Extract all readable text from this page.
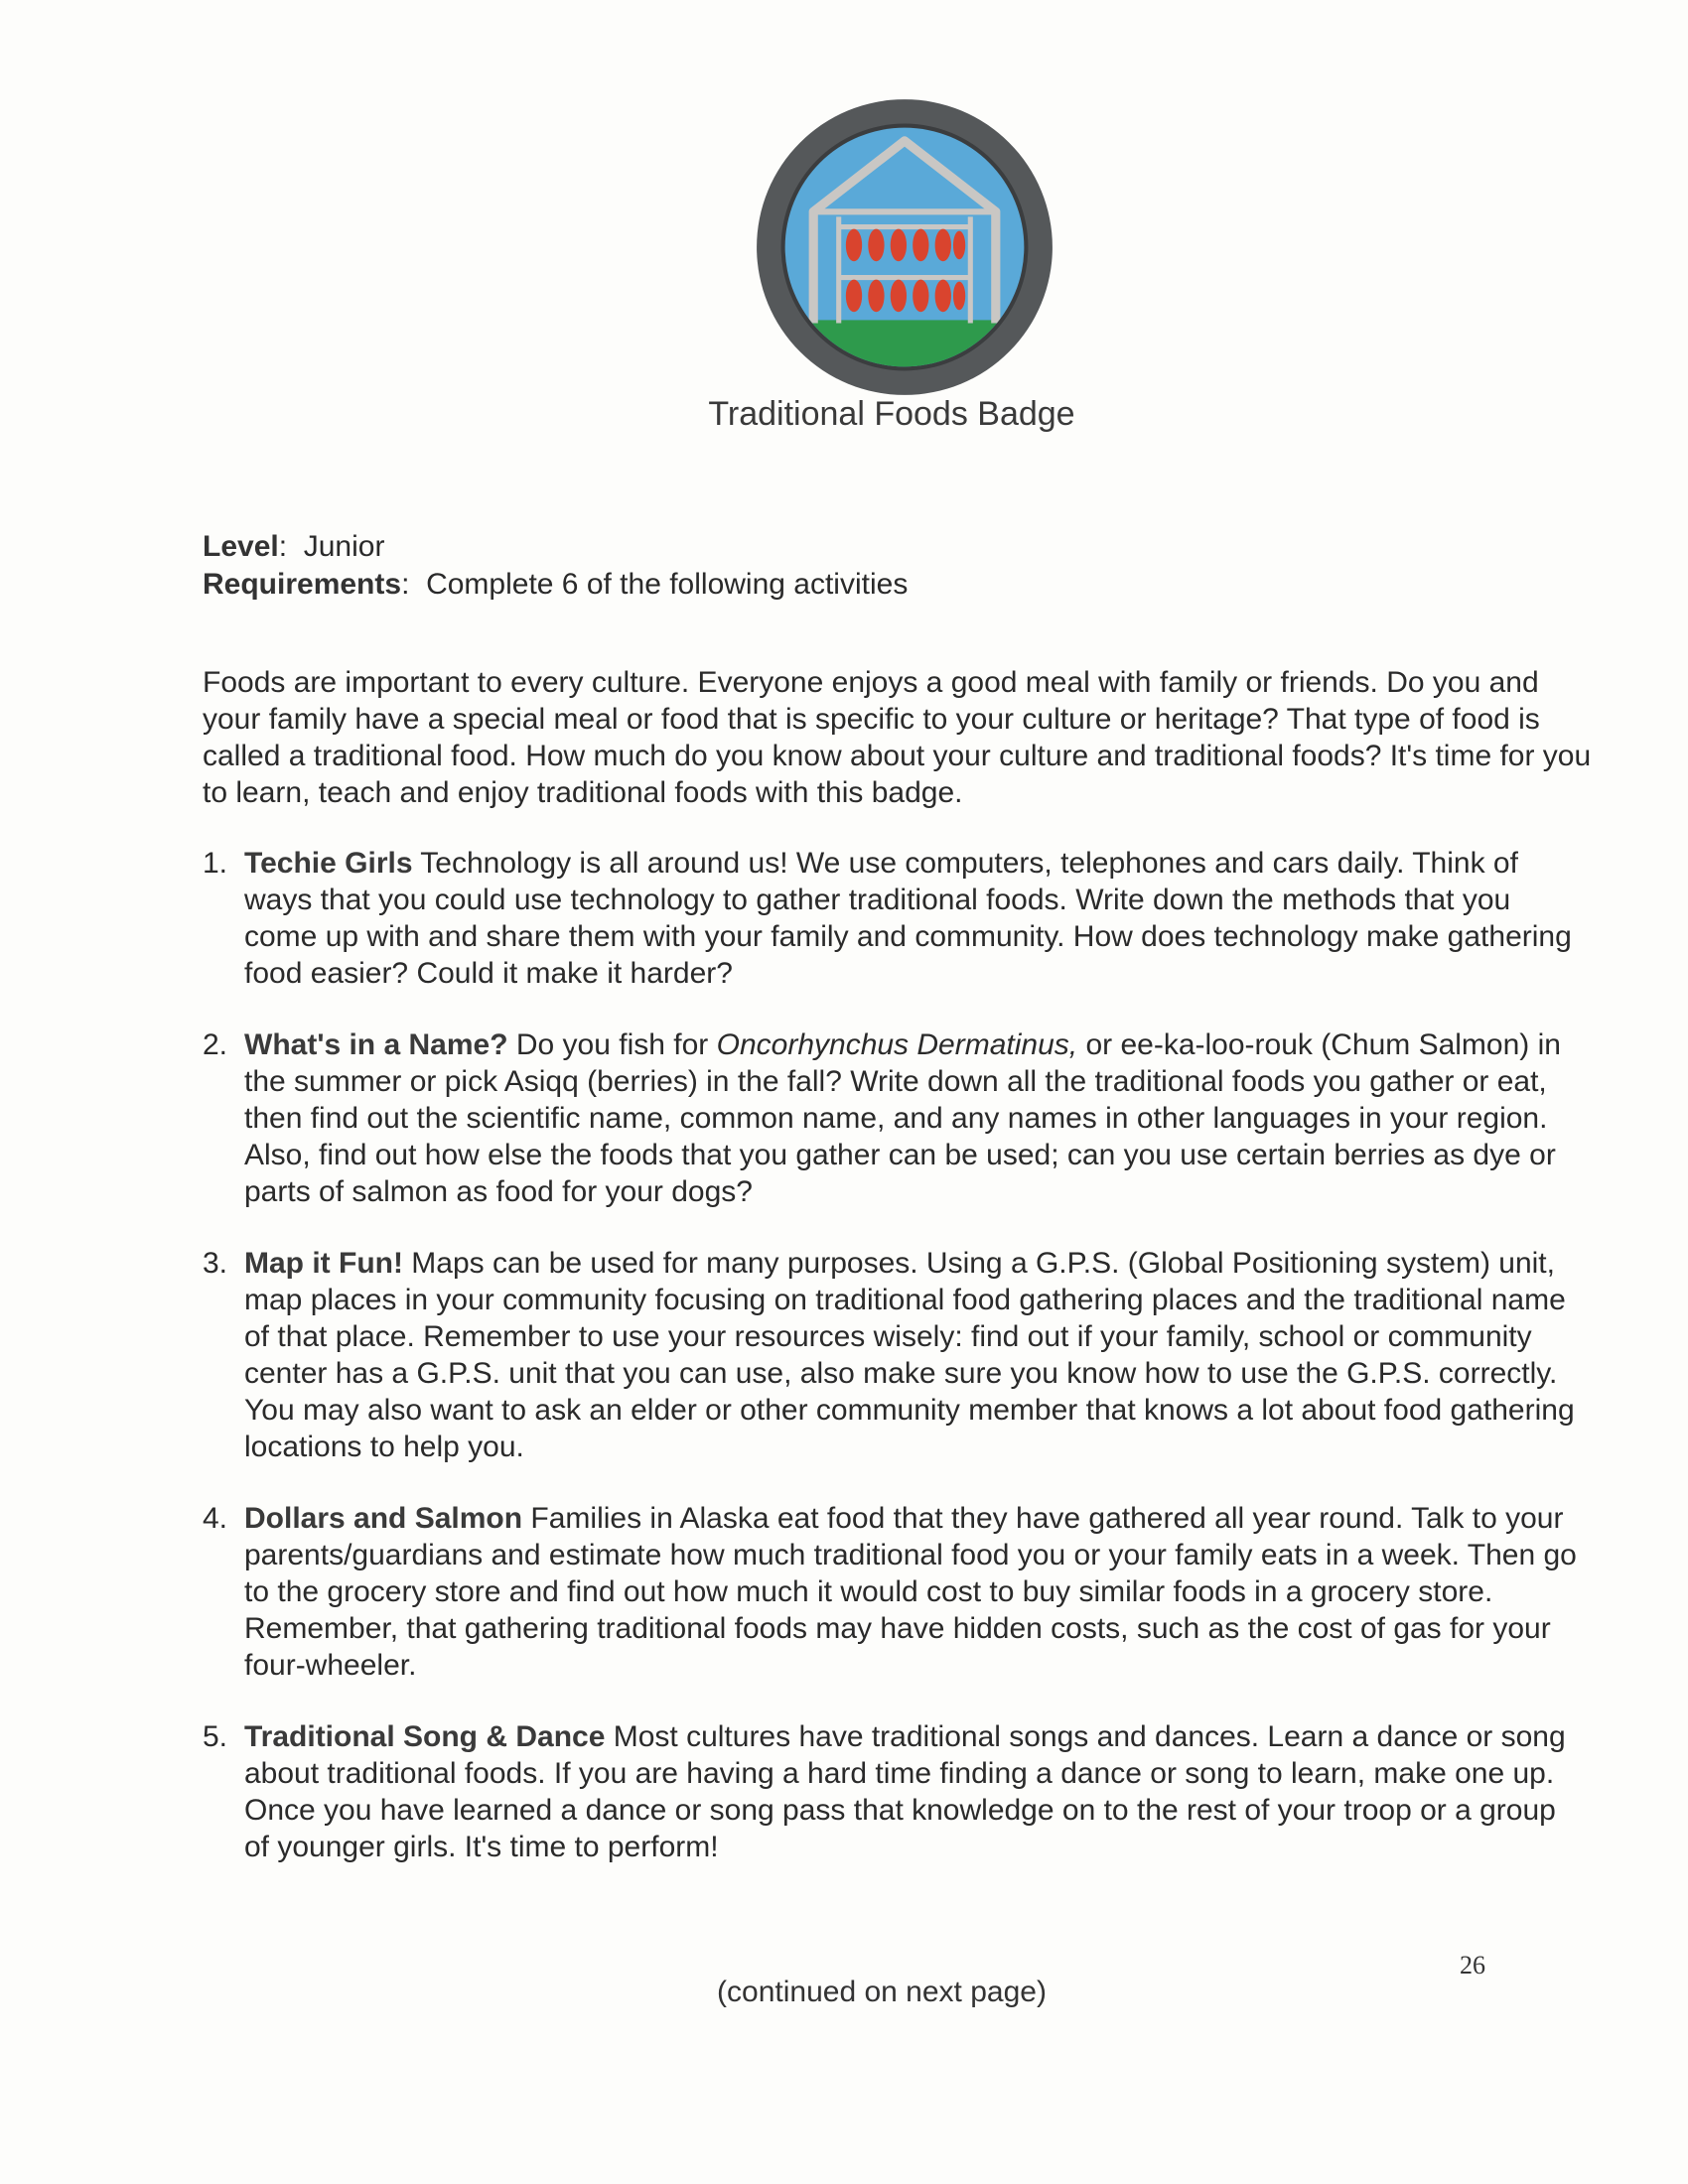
Traditional Foods Badge
Level:  Junior
Requirements:  Complete 6 of the following activities
Foods are important to every culture. Everyone enjoys a good meal with family or friends. Do you and your family have a special meal or food that is specific to your culture or heritage? That type of food is called a traditional food. How much do you know about your culture and traditional foods? It's time for you to learn, teach and enjoy traditional foods with this badge.
1. Techie Girls Technology is all around us! We use computers, telephones and cars daily. Think of ways that you could use technology to gather traditional foods. Write down the methods that you come up with and share them with your family and community. How does technology make gathering food easier? Could it make it harder?
2. What's in a Name? Do you fish for Oncorhynchus Dermatinus, or ee-ka-loo-rouk (Chum Salmon) in the summer or pick Asiqq (berries) in the fall? Write down all the traditional foods you gather or eat, then find out the scientific name, common name, and any names in other languages in your region. Also, find out how else the foods that you gather can be used; can you use certain berries as dye or parts of salmon as food for your dogs?
3. Map it Fun! Maps can be used for many purposes. Using a G.P.S. (Global Positioning system) unit, map places in your community focusing on traditional food gathering places and the traditional name of that place. Remember to use your resources wisely: find out if your family, school or community center has a G.P.S. unit that you can use, also make sure you know how to use the G.P.S. correctly. You may also want to ask an elder or other community member that knows a lot about food gathering locations to help you.
4. Dollars and Salmon Families in Alaska eat food that they have gathered all year round. Talk to your parents/guardians and estimate how much traditional food you or your family eats in a week. Then go to the grocery store and find out how much it would cost to buy similar foods in a grocery store. Remember, that gathering traditional foods may have hidden costs, such as the cost of gas for your four-wheeler.
5. Traditional Song & Dance Most cultures have traditional songs and dances. Learn a dance or song about traditional foods. If you are having a hard time finding a dance or song to learn, make one up. Once you have learned a dance or song pass that knowledge on to the rest of your troop or a group of younger girls. It's time to perform!
26
(continued on next page)
